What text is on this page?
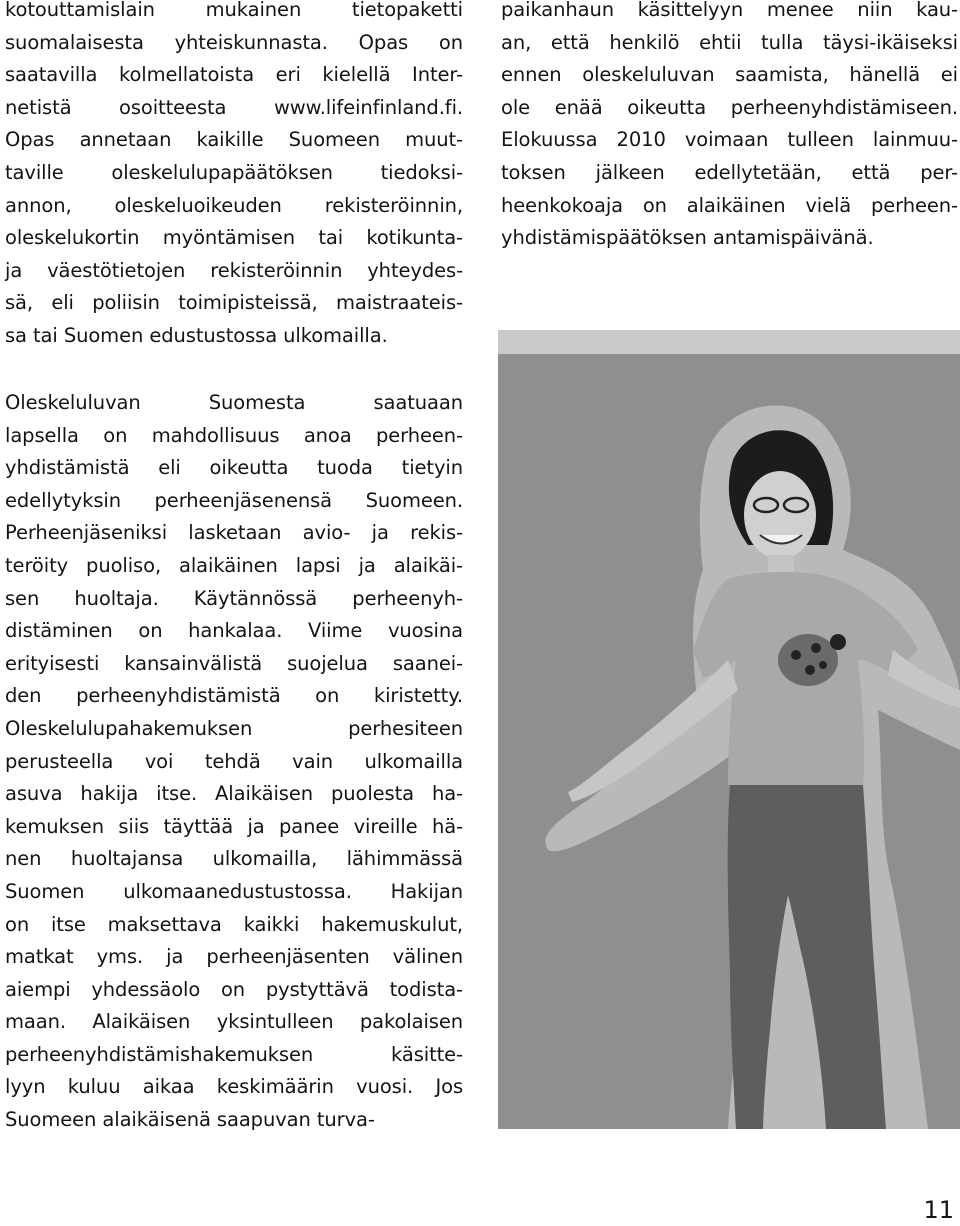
kotouttamislain mukainen tietopaketti
suomalaisesta yhteiskunnasta. Opas on
saatavilla kolmellatoista eri kielellä Inter-
netistä osoitteesta www.lifeinfinland.fi.
Opas annetaan kaikille Suomeen muut-
taville oleskelulupapäätöksen tiedoksi-
annon, oleskeluoikeuden rekisteröinnin,
oleskelukortin myöntämisen tai kotikunta-
ja väestötietojen rekisteröinnin yhteydes-
sä, eli poliisin toimipisteissä, maistraateis-
sa tai Suomen edustustossa ulkomailla.
Oleskeluluvan Suomesta saatuaan
lapsella on mahdollisuus anoa perheen-
yhdistämistä eli oikeutta tuoda tietyin
edellytyksin perheenjäsenensä Suomeen.
Perheenjäseniksi lasketaan avio- ja rekis-
teröity puoliso, alaikäinen lapsi ja alaikäi-
sen huoltaja. Käytännössä perheenyh-
distäminen on hankalaa. Viime vuosina
erityisesti kansainvälistä suojelua saanei-
den perheenyhdistämistä on kiristetty.
Oleskelulupahakemuksen perhesiteen
perusteella voi tehdä vain ulkomailla
asuva hakija itse. Alaikäisen puolesta ha-
kemuksen siis täyttää ja panee vireille hä-
nen huoltajansa ulkomailla, lähimmässä
Suomen ulkomaanedustustossa. Hakijan
on itse maksettava kaikki hakemuskulut,
matkat yms. ja perheenjäsenten välinen
aiempi yhdessäolo on pystyttävä todista-
maan. Alaikäisen yksintulleen pakolaisen
perheenyhdistämishakemuksen käsitte-
lyyn kuluu aikaa keskimäärin vuosi. Jos
Suomeen alaikäisenä saapuvan turva-
paikanhaun käsittelyyn menee niin kau-
an, että henkilö ehtii tulla täysi-ikäiseksi
ennen oleskeluluvan saamista, hänellä ei
ole enää oikeutta perheenyhdistämiseen.
Elokuussa 2010 voimaan tulleen lainmuu-
toksen jälkeen edellytetään, että per-
heenkokoaja on alaikäinen vielä perheen-
yhdistämispäätöksen antamispäivänä.
11
